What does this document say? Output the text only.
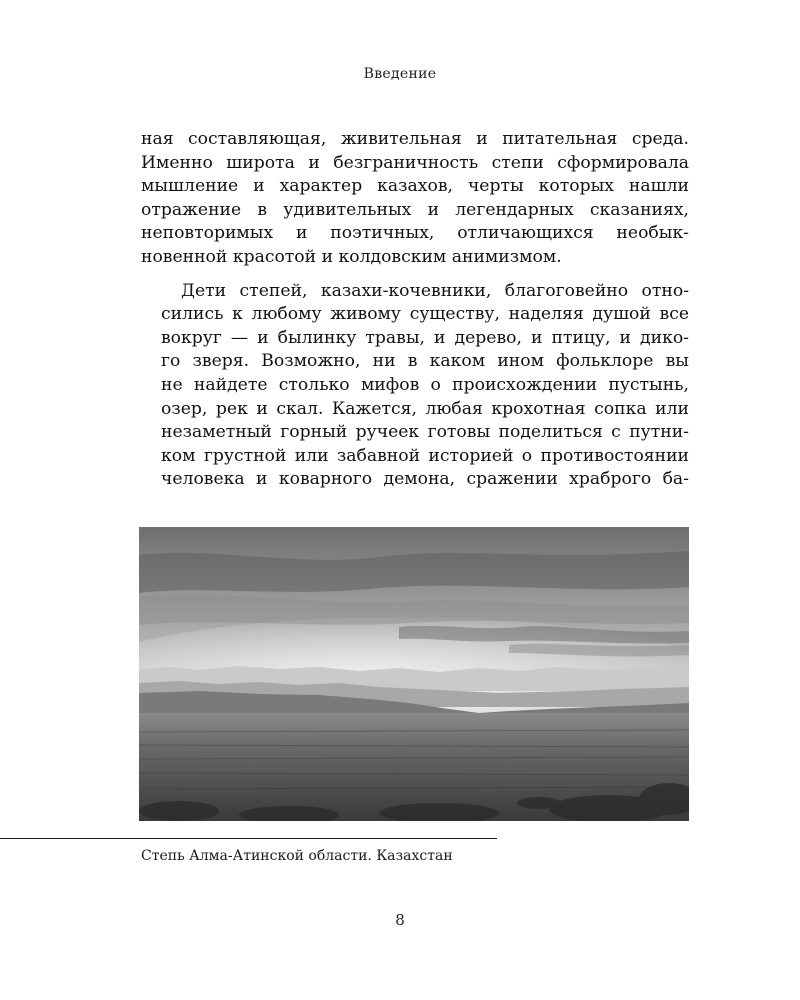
Введение

ная составляющая, живительная и питательная среда.
Именно широта и безграничность степи сформировала
мышление и характер казахов, черты которых нашли
отражение в удивительных и легендарных сказаниях,
неповторимых и поэтичных, отличающихся необык-
новенной красотой и колдовским анимизмом.

Дети степей, казахи-кочевники, благоговейно отно-
сились к любому живому существу, наделяя душой все
вокруг — и былинку травы, и дерево, и птицу, и дико-
го зверя. Возможно, ни в каком ином фольклоре вы
не найдете столько мифов о происхождении пустынь,
озер, рек и скал. Кажется, любая крохотная сопка или
незаметный горный ручеек готовы поделиться с путни-
ком грустной или забавной историей о противостоянии
человека и коварного демона, сражении храброго ба-

Степь Алма-Атинской области. Казахстан
8
